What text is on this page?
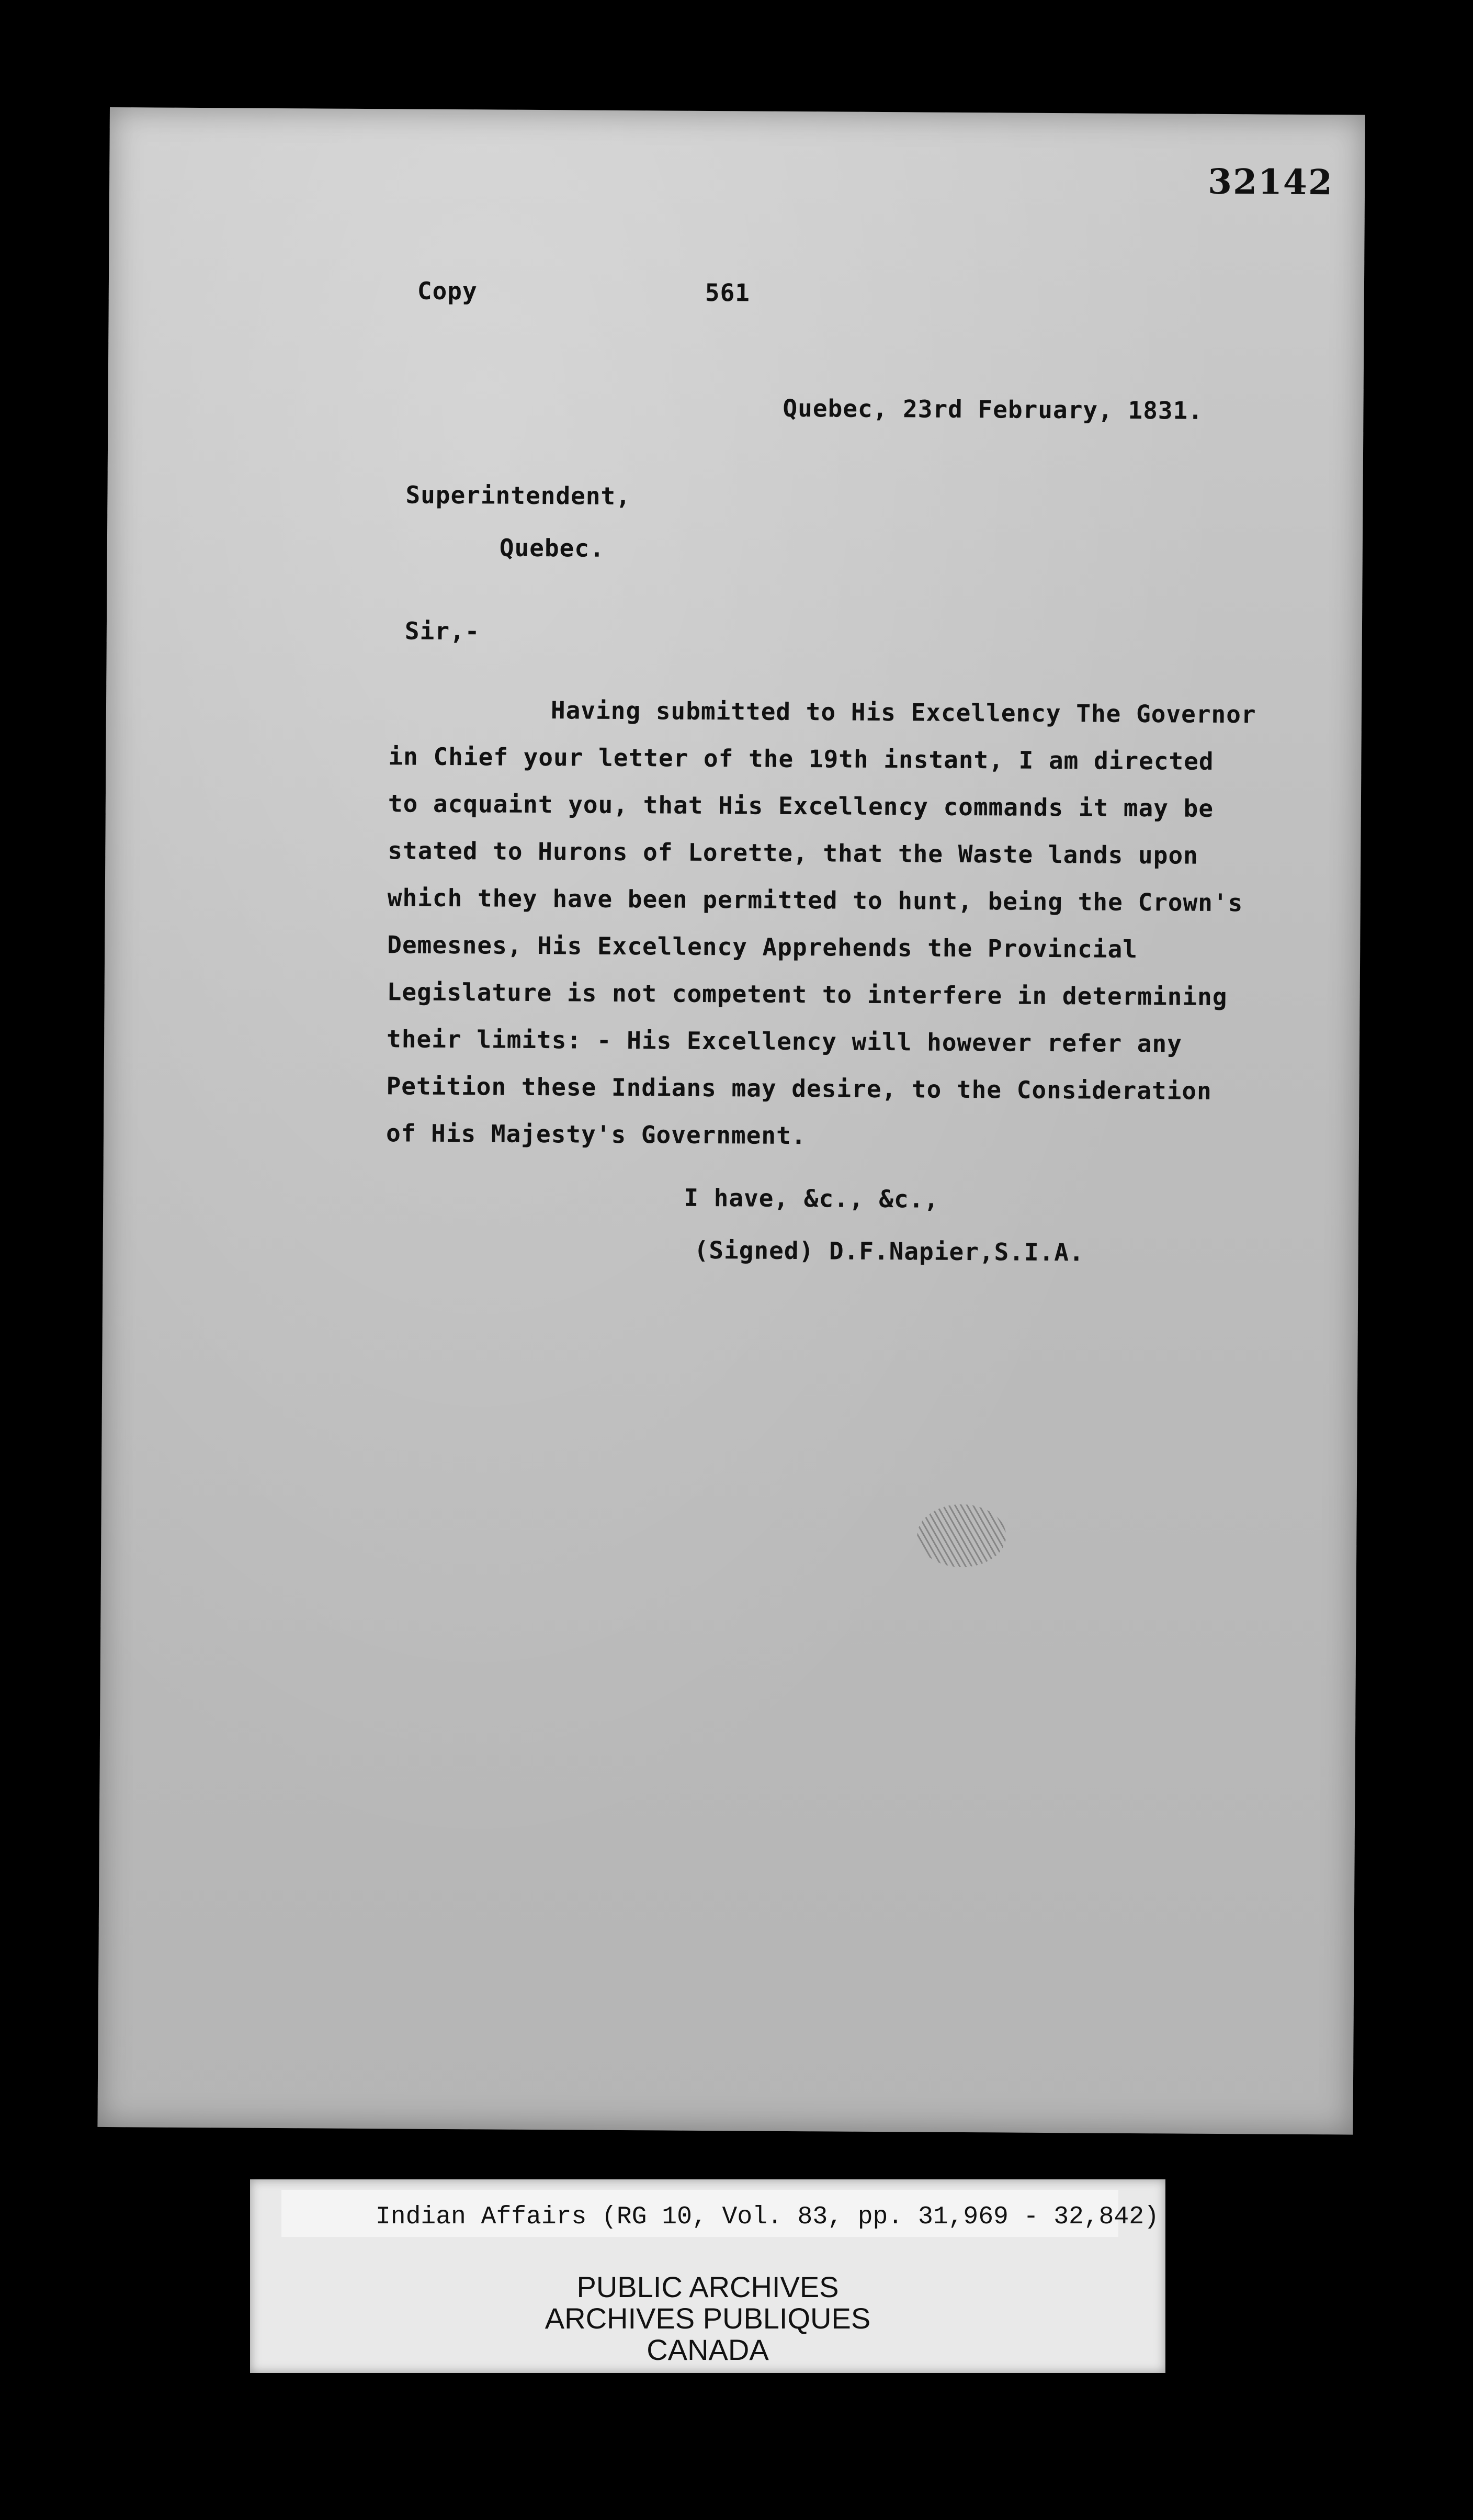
32142
Copy	561
Quebec, 23rd February, 1831.
Superintendent,
Quebec.
Sir,-
Having submitted to His Excellency The Governor
in Chief your letter of the 19th instant, I am directed
to acquaint you, that His Excellency commands it may be
stated to Hurons of Lorette, that the Waste lands upon
which they have been permitted to hunt, being the Crown's
Demesnes, His Excellency Apprehends the Provincial
Legislature is not competent to interfere in determining
their limits: - His Excellency will however refer any
Petition these Indians may desire, to the Consideration
of His Majesty's Government.
I have, &c., &c.,
(Signed) D.F.Napier,S.I.A.
Indian Affairs (RG 10, Vol. 83, pp. 31,969 - 32,842)
PUBLIC ARCHIVES
ARCHIVES PUBLIQUES
CANADA
